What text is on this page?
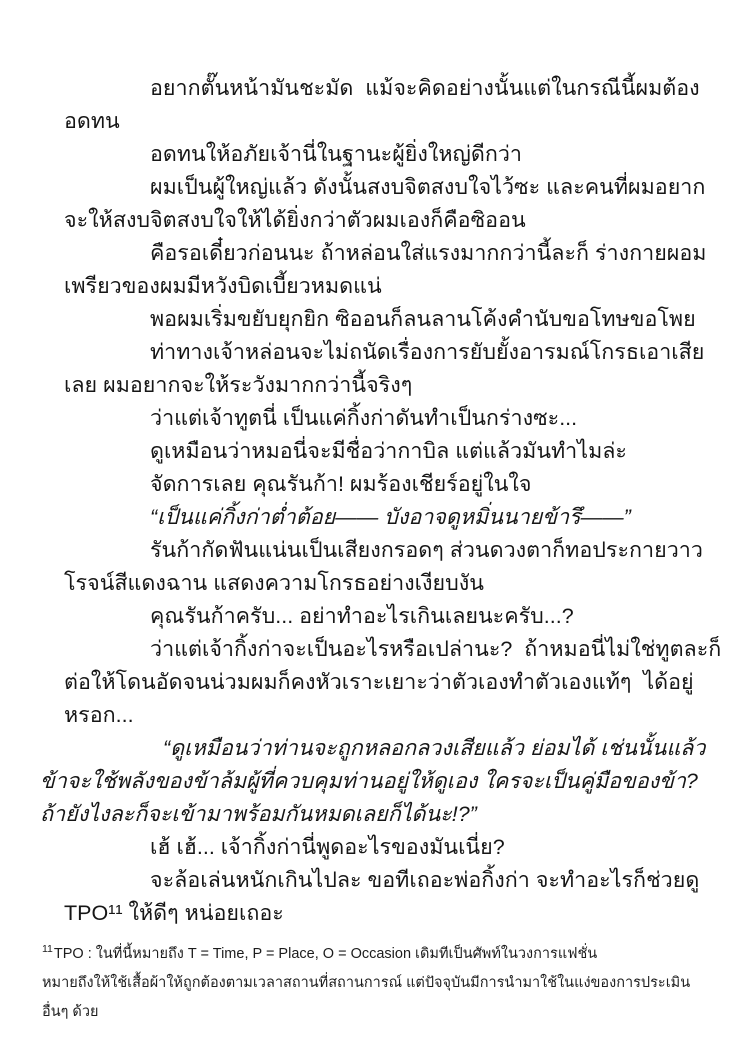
อยากตั๊นหน้ามันชะมัด  แม้จะคิดอย่างนั้นแต่ในกรณีนี้ผมต้อง
อดทน
อดทนให้อภัยเจ้านี่ในฐานะผู้ยิ่งใหญ่ดีกว่า
ผมเป็นผู้ใหญ่แล้ว ดังนั้นสงบจิตสงบใจไว้ซะ และคนที่ผมอยาก
จะให้สงบจิตสงบใจให้ได้ยิ่งกว่าตัวผมเองก็คือซิออน
คือรอเดี๋ยวก่อนนะ ถ้าหล่อนใส่แรงมากกว่านี้ละก็ ร่างกายผอม
เพรียวของผมมีหวังบิดเบี้ยวหมดแน่
พอผมเริ่มขยับยุกยิก ซิออนก็ลนลานโค้งคำนับขอโทษขอโพย
ท่าทางเจ้าหล่อนจะไม่ถนัดเรื่องการยับยั้งอารมณ์โกรธเอาเสีย
เลย ผมอยากจะให้ระวังมากกว่านี้จริงๆ
ว่าแต่เจ้าทูตนี่ เป็นแค่กิ้งก่าดันทำเป็นกร่างซะ...
ดูเหมือนว่าหมอนี่จะมีชื่อว่ากาบิล แต่แล้วมันทำไมล่ะ
จัดการเลย คุณรันก้า! ผมร้องเชียร์อยู่ในใจ
“เป็นแค่กิ้งก่าต่ำต้อย—— บังอาจดูหมิ่นนายข้ารึ——”
รันก้ากัดฟันแน่นเป็นเสียงกรอดๆ ส่วนดวงตาก็ทอประกายวาว
โรจน์สีแดงฉาน แสดงความโกรธอย่างเงียบงัน
คุณรันก้าครับ... อย่าทำอะไรเกินเลยนะครับ...?
ว่าแต่เจ้ากิ้งก่าจะเป็นอะไรหรือเปล่านะ?  ถ้าหมอนี่ไม่ใช่ทูตละก็
ต่อให้โดนอัดจนน่วมผมก็คงหัวเราะเยาะว่าตัวเองทำตัวเองแท้ๆ  ได้อยู่
หรอก...
“ดูเหมือนว่าท่านจะถูกหลอกลวงเสียแล้ว ย่อมได้ เช่นนั้นแล้ว
ข้าจะใช้พลังของข้าล้มผู้ที่ควบคุมท่านอยู่ให้ดูเอง ใครจะเป็นคู่มือของข้า?
ถ้ายังไงละก็จะเข้ามาพร้อมกันหมดเลยก็ได้นะ!?”
เฮ้ เฮ้... เจ้ากิ้งก่านี่พูดอะไรของมันเนี่ย?
จะล้อเล่นหนักเกินไปละ ขอทีเถอะพ่อกิ้งก่า จะทำอะไรก็ช่วยดู
TPO¹¹ ให้ดีๆ หน่อยเถอะ
$^{11}$TPO : ในที่นี้หมายถึง T = Time, P = Place, O = Occasion เดิมทีเป็นศัพท์ในวงการแฟชั่น
หมายถึงให้ใช้เสื้อผ้าให้ถูกต้องตามเวลาสถานที่สถานการณ์ แต่ปัจจุบันมีการนำมาใช้ในแง่ของการประเมิน
อื่นๆ ด้วย
